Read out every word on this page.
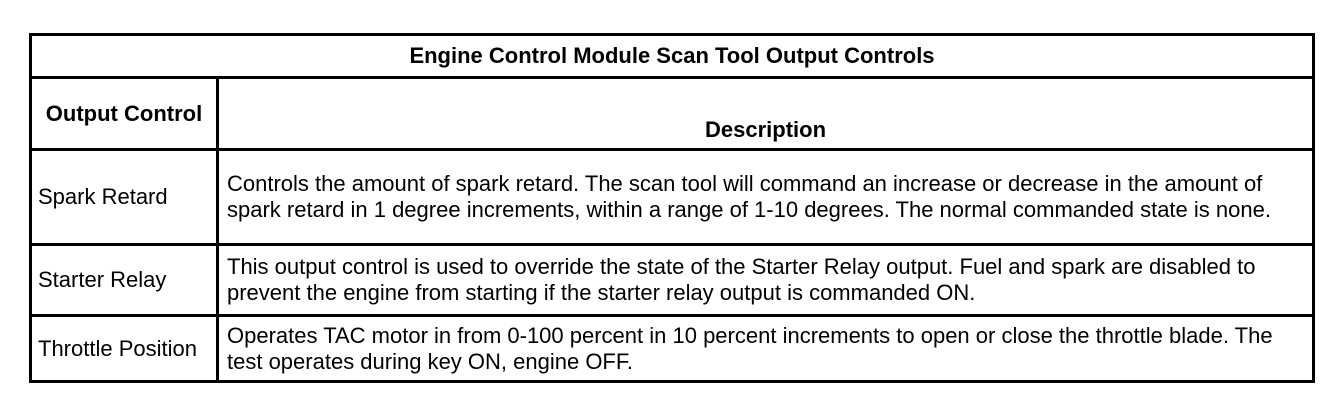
Engine Control Module Scan Tool Output Controls	
Output Control	Description
Spark Retard	Controls the amount of spark retard. The scan tool will command an increase or decrease in the amount of spark retard in 1 degree increments, within a range of 1-10 degrees. The normal commanded state is none.
Starter Relay	This output control is used to override the state of the Starter Relay output. Fuel and spark are disabled to prevent the engine from starting if the starter relay output is commanded ON.
Throttle Position	Operates TAC motor in from 0-100 percent in 10 percent increments to open or close the throttle blade. The test operates during key ON, engine OFF.
